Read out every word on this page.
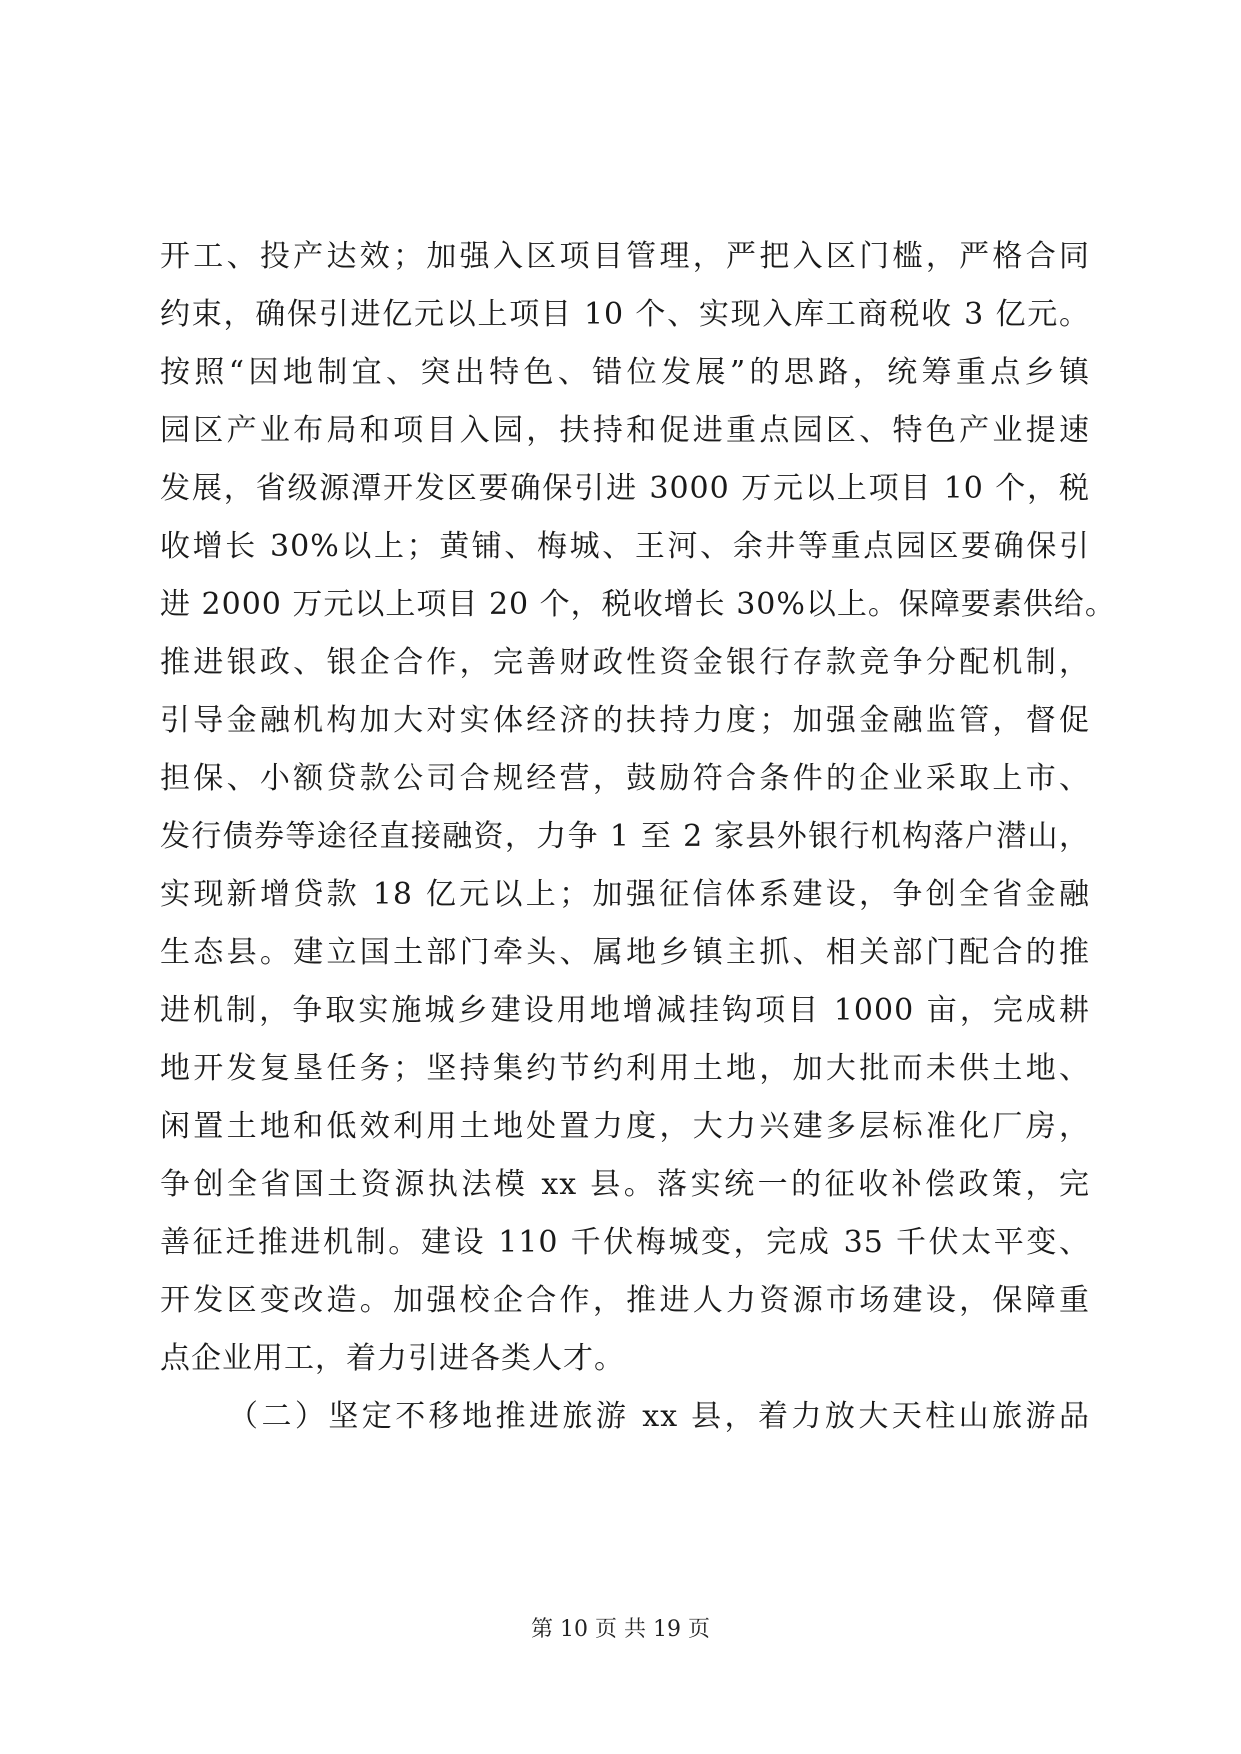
开工、投产达效；加强入区项目管理，严把入区门槛，严格合同
约束，确保引进亿元以上项目 10 个、实现入库工商税收 3 亿元。
按照“因地制宜、突出特色、错位发展”的思路，统筹重点乡镇
园区产业布局和项目入园，扶持和促进重点园区、特色产业提速
发展，省级源潭开发区要确保引进 3000 万元以上项目 10 个，税
收增长 30%以上；黄铺、梅城、王河、余井等重点园区要确保引
进 2000 万元以上项目 20 个，税收增长 30%以上。保障要素供给。
推进银政、银企合作，完善财政性资金银行存款竞争分配机制，
引导金融机构加大对实体经济的扶持力度；加强金融监管，督促
担保、小额贷款公司合规经营，鼓励符合条件的企业采取上市、
发行债券等途径直接融资，力争 1 至 2 家县外银行机构落户潜山，
实现新增贷款 18 亿元以上；加强征信体系建设，争创全省金融
生态县。建立国土部门牵头、属地乡镇主抓、相关部门配合的推
进机制，争取实施城乡建设用地增减挂钩项目 1000 亩，完成耕
地开发复垦任务；坚持集约节约利用土地，加大批而未供土地、
闲置土地和低效利用土地处置力度，大力兴建多层标准化厂房，
争创全省国土资源执法模 xx 县。落实统一的征收补偿政策，完
善征迁推进机制。建设 110 千伏梅城变，完成 35 千伏太平变、
开发区变改造。加强校企合作，推进人力资源市场建设，保障重
点企业用工，着力引进各类人才。
（二）坚定不移地推进旅游 xx 县，着力放大天柱山旅游品
第 10 页 共 19 页
